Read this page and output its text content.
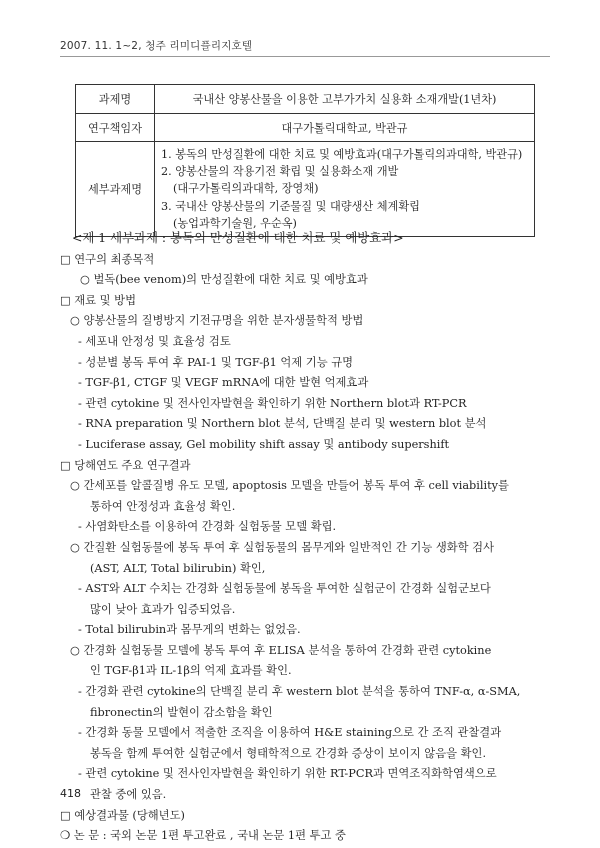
2007. 11. 1~2, 청주 리미디플리지호텔
과제명	국내산 양봉산물을 이용한 고부가가치 실용화 소재개발(1년차)
연구책임자	대구가톨릭대학교, 박관규
세부과제명	1. 봉독의 만성질환에 대한 치료 및 예방효과(대구가톨릭의과대학, 박관규)
2. 양봉산물의 작용기전 확립 및 실용화소재 개발
(대구가톨릭의과대학, 장영채)
3. 국내산 양봉산물의 기준물질 및 대량생산 체계확립
(농업과학기술원, 우순옥)
<제 1 세부과제 : 봉독의 만성질환에 대한 치료 및 예방효과>
□ 연구의 최종목적
○ 벌독(bee venom)의 만성질환에 대한 치료 및 예방효과
□ 재료 및 방법
○ 양봉산물의 질병방지 기전규명을 위한 분자생물학적 방법
- 세포내 안정성 및 효율성 검토
- 성분별 봉독 투여 후 PAI-1 및 TGF-β1 억제 기능 규명
- TGF-β1, CTGF 및 VEGF mRNA에 대한 발현 억제효과
- 관련 cytokine 및 전사인자발현을 확인하기 위한 Northern blot과 RT-PCR
- RNA preparation 및 Northern blot 분석, 단백질 분리 및 western blot 분석
- Luciferase assay, Gel mobility shift assay 및 antibody supershift
□ 당해연도 주요 연구결과
○ 간세포를 알콜질병 유도 모델, apoptosis 모델을 만들어 봉독 투여 후 cell viability를
통하여 안정성과 효율성 확인.
- 사염화탄소를 이용하여 간경화 실험동물 모델 확립.
○ 간질환 실험동물에 봉독 투여 후 실험동물의 몸무게와 일반적인 간 기능 생화학 검사
(AST, ALT, Total bilirubin) 확인,
- AST와 ALT 수치는 간경화 실험동물에 봉독을 투여한 실험군이 간경화 실험군보다
많이 낮아 효과가 입증되었음.
- Total bilirubin과 몸무게의 변화는 없었음.
○ 간경화 실험동물 모델에 봉독 투여 후 ELISA 분석을 통하여 간경화 관련 cytokine
인 TGF-β1과 IL-1β의 억제 효과를 확인.
- 간경화 관련 cytokine의 단백질 분리 후 western blot 분석을 통하여 TNF-α, α-SMA,
fibronectin의 발현이 감소함을 확인
- 간경화 동물 모델에서 적출한 조직을 이용하여 H&E staining으로 간 조직 관찰결과
봉독을 함께 투여한 실험군에서 형태학적으로 간경화 증상이 보이지 않음을 확인.
- 관련 cytokine 및 전사인자발현을 확인하기 위한 RT-PCR과 면역조직화학염색으로
관찰 중에 있음.
□ 예상결과물 (당해년도)
❍ 논 문 : 국외 논문 1편 투고완료 , 국내 논문 1편 투고 중
418
